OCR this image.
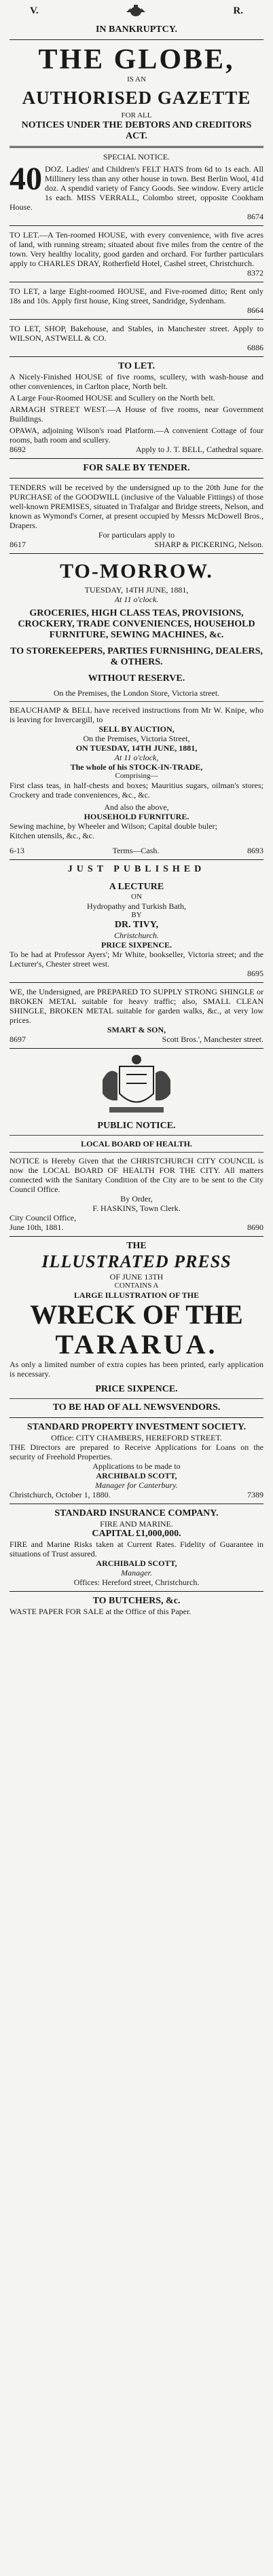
V.	R.
IN BANKRUPTCY.
THE GLOBE,
IS AN
AUTHORISED GAZETTE
FOR ALL
NOTICES UNDER THE DEBTORS AND CREDITORS ACT.
SPECIAL NOTICE.
40 DOZ. Ladies' and Children's FELT HATS from 6d to 1s each. All Millinery less than any other house in town. Best Berlin Wool, 41d doz. A spendid variety of Fancy Goods. See window. Every article 1s each. MISS VERRALL, Colombo street, opposite Cookham House.
8674
TO LET.—A Ten-roomed HOUSE, with every convenience, with five acres of land, with running stream; situated about five miles from the centre of the town. Very healthy locality, good garden and orchard. For further particulars apply to CHARLES DRAY, Rotherfield Hotel, Cashel street, Christchurch.
8372
TO LET, a large Eight-roomed HOUSE, and Five-roomed ditto; Rent only 18s and 10s. Apply first house, King street, Sandridge, Sydenham.
8664
TO LET, SHOP, Bakehouse, and Stables, in Manchester street. Apply to WILSON, ASTWELL & CO.
6886
TO LET.
A Nicely-Finished HOUSE of five rooms, scullery, with wash-house and other conveniences, in Carlton place, North belt.
A Large Four-Roomed HOUSE and Scullery on the North belt.
ARMAGH STREET WEST.—A House of five rooms, near Government Buildings.
OPAWA, adjoining Wilson's road Platform.—A convenient Cottage of four rooms, bath room and scullery.
8692	Apply to J. T. BELL, Cathedral square.
FOR SALE BY TENDER.
TENDERS will be received by the undersigned up to the 20th June for the PURCHASE of the GOODWILL (inclusive of the Valuable Fittings) of those well-known PREMISES, situated in Trafalgar and Bridge streets, Nelson, and known as Wymond's Corner, at present occupied by Messrs McDowell Bros., Drapers.
For particulars apply to
8617	SHARP & PICKERING, Nelson.
TO-MORROW.
TUESDAY, 14TH JUNE, 1881,
At 11 o'clock.
GROCERIES, HIGH CLASS TEAS, PROVISIONS, CROCKERY, TRADE CONVENIENCES, HOUSEHOLD FURNITURE, SEWING MACHINES, &c.
TO STOREKEEPERS, PARTIES FURNISHING, DEALERS, & OTHERS.
WITHOUT RESERVE.
On the Premises, the London Store, Victoria street.
BEAUCHAMP & BELL have received instructions from Mr W. Knipe, who is leaving for Invercargill, to
SELL BY AUCTION,
On the Premises, Victoria Street,
ON TUESDAY, 14TH JUNE, 1881,
At 11 o'clock,
The whole of his STOCK-IN-TRADE,
Comprising—
First class teas, in half-chests and boxes; Mauritius sugars, oilman's stores; Crockery and trade conveniences, &c., &c.
And also the above,
HOUSEHOLD FURNITURE.
Sewing machine, by Wheeler and Wilson; Capital double buler;
Kitchen utensils, &c., &c.
6-13	Terms—Cash.	8693
JUST PUBLISHED
A LECTURE
ON
Hydropathy and Turkish Bath,
BY
DR. TIVY,
Christchurch.
PRICE SIXPENCE.
To be had at Professor Ayers'; Mr White, bookseller, Victoria street; and the Lecturer's, Chester street west.
8695
WE, the Undersigned, are PREPARED TO SUPPLY STRONG SHINGLE or BROKEN METAL suitable for heavy traffic; also, SMALL CLEAN SHINGLE, BROKEN METAL suitable for garden walks, &c., at very low prices.
SMART & SON,
8697	Scott Bros.', Manchester street.
PUBLIC NOTICE.
LOCAL BOARD OF HEALTH.
NOTICE is Hereby Given that the CHRISTCHURCH CITY COUNCIL is now the LOCAL BOARD OF HEALTH FOR THE CITY. All matters connected with the Sanitary Condition of the City are to be sent to the City Council Office.
By Order,
F. HASKINS, Town Clerk.
City Council Office,
June 10th, 1881.	8690
THE
ILLUSTRATED PRESS
OF JUNE 13TH
CONTAINS A
LARGE ILLUSTRATION OF THE
WRECK OF THE
TARARUA.
As only a limited number of extra copies has been printed, early application is necessary.
PRICE SIXPENCE.
TO BE HAD OF ALL NEWSVENDORS.
STANDARD PROPERTY INVESTMENT SOCIETY.
Office: CITY CHAMBERS, HEREFORD STREET.
THE Directors are prepared to Receive Applications for Loans on the security of Freehold Properties.
Applications to be made to
ARCHIBALD SCOTT,
Manager for Canterbury.
Christchurch, October 1, 1880.	7389
STANDARD INSURANCE COMPANY.
FIRE AND MARINE.
CAPITAL £1,000,000.
FIRE and Marine Risks taken at Current Rates. Fidelity of Guarantee in situations of Trust assured.
ARCHIBALD SCOTT,
Manager.
Offices: Hereford street, Christchurch.
TO BUTCHERS, &c.
WASTE PAPER FOR SALE at the Office of this Paper.
